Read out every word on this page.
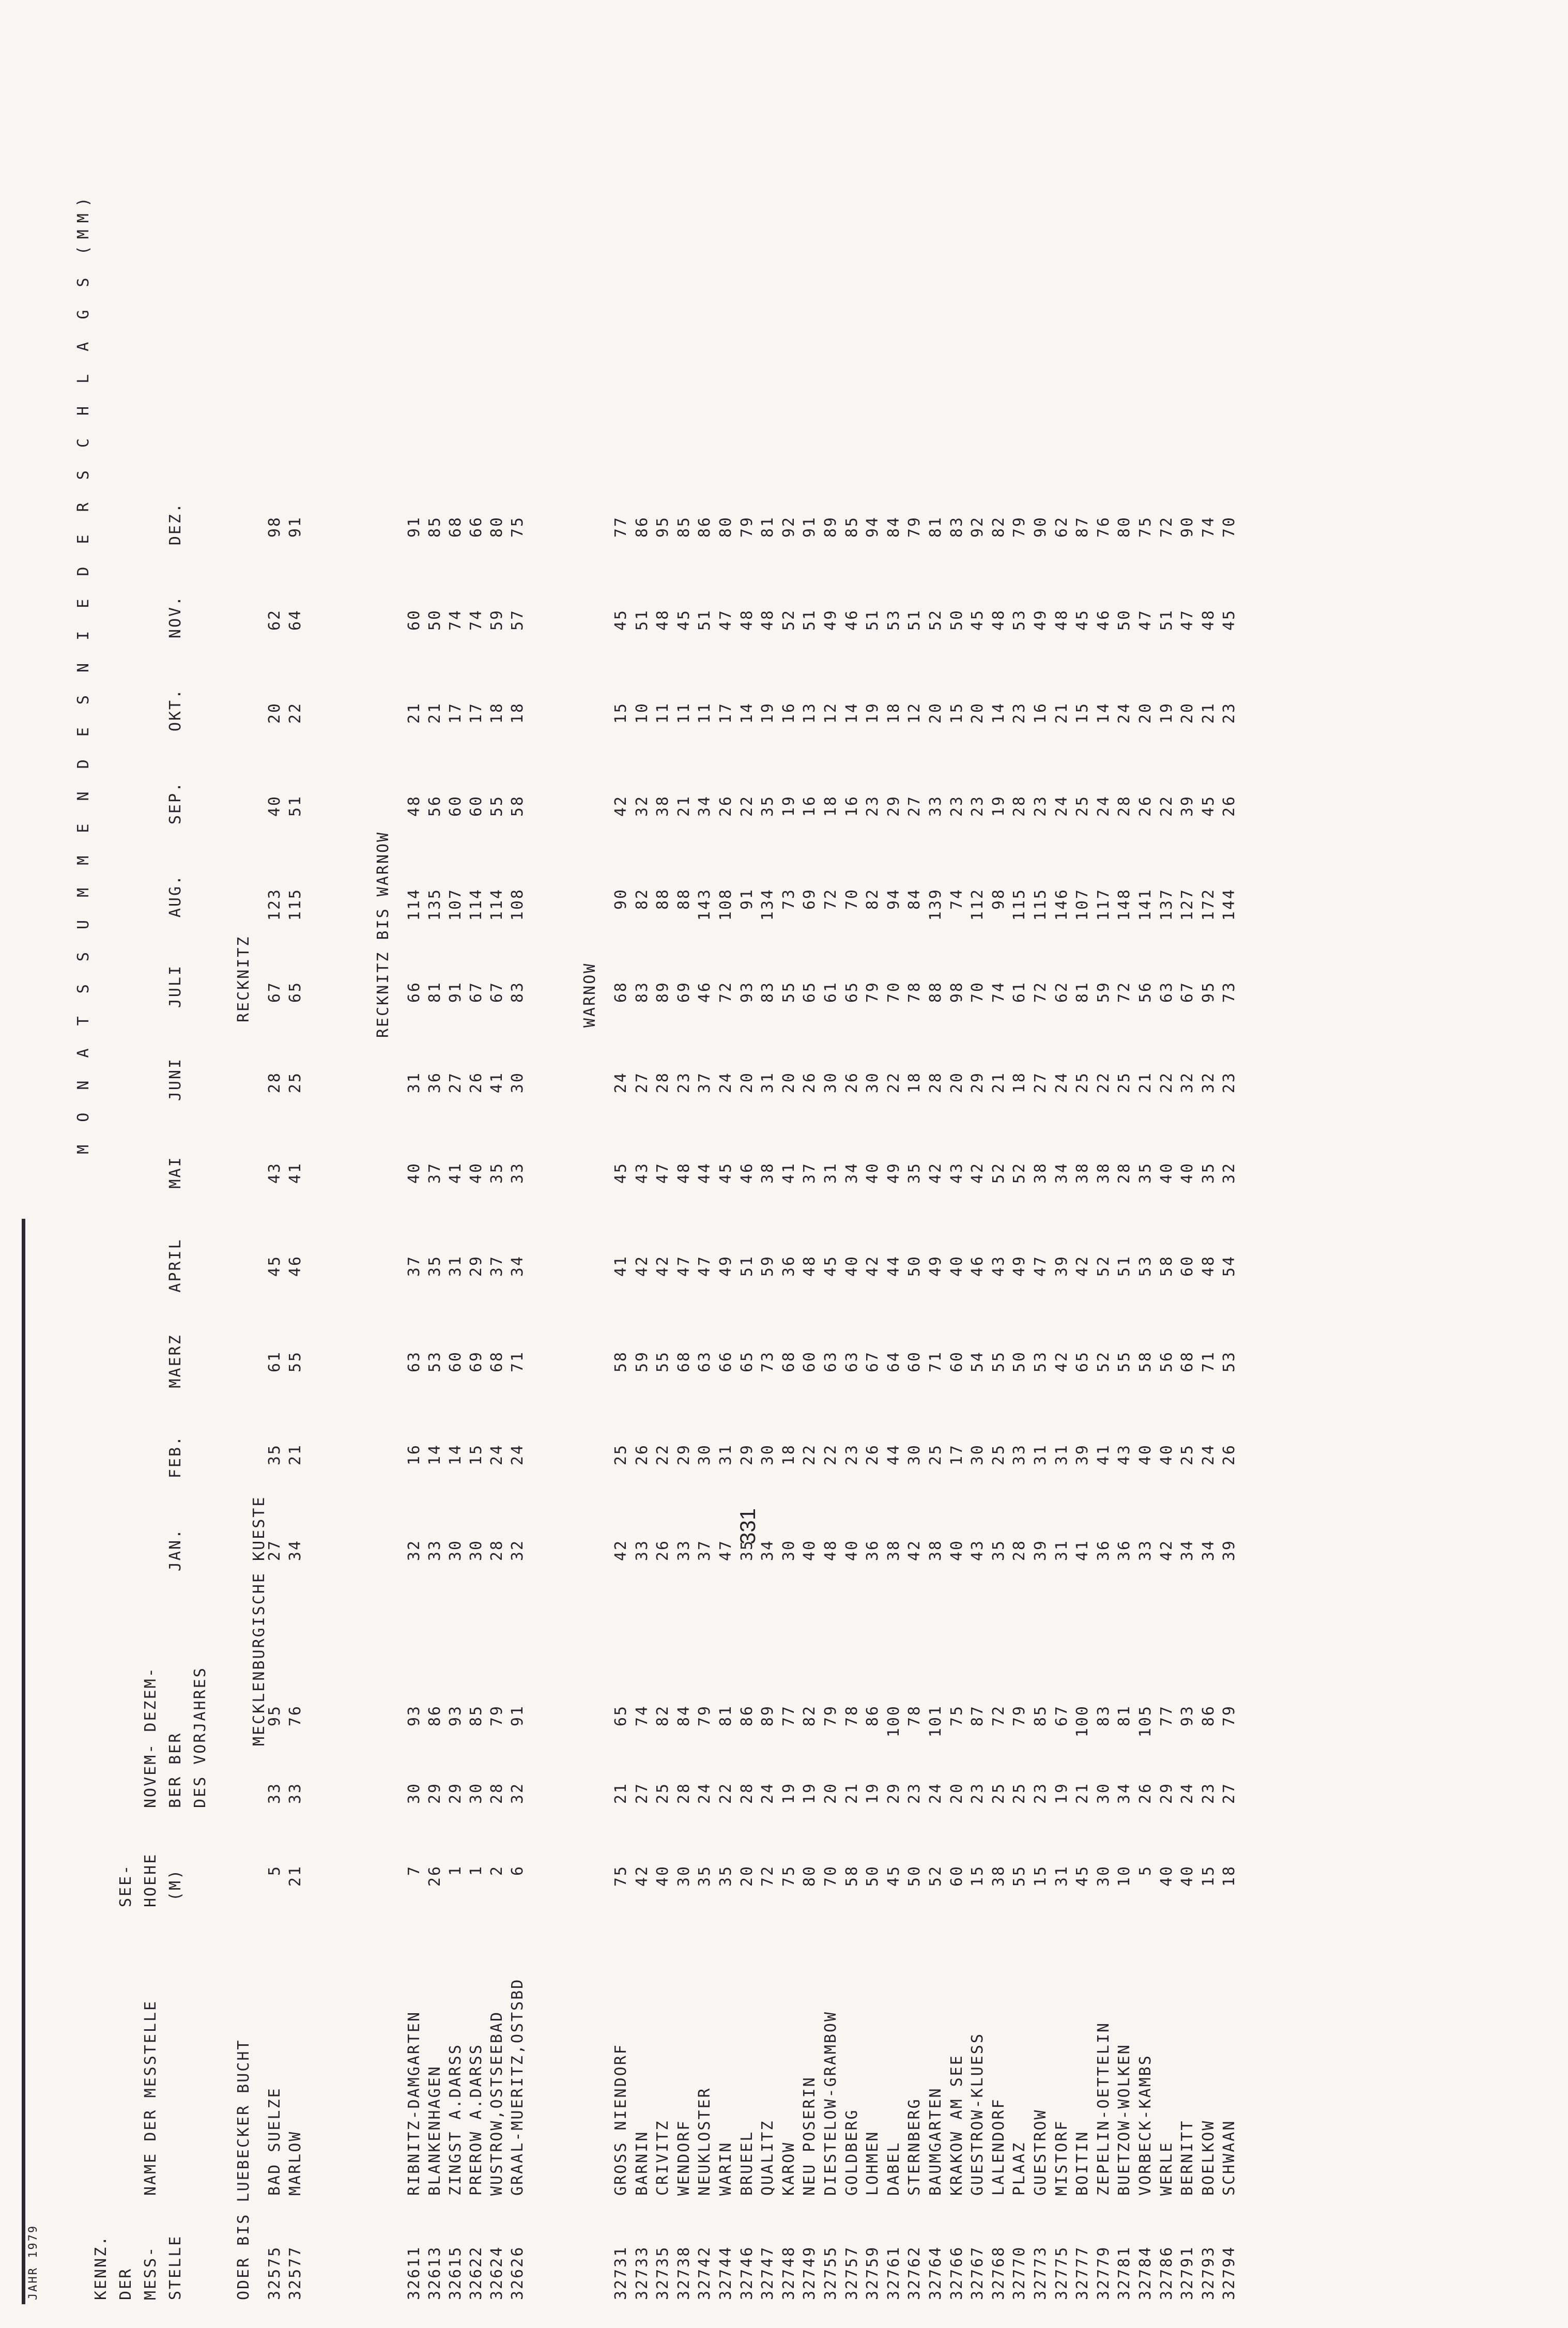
JAHR 1979
M O N A T S S U M M E N D E S N I E D E R S C H L A G S (MM)
KENNZ. DER MESS- STELLE
NAME DER MESSTELLE
SEE- HOEHE (M)
NOVEM- DEZEM- BER BER DES VORJAHRES
JAN.
FEB.
MAERZ
APRIL
MAI
JUNI
JULI
AUG.
SEP.
OKT.
NOV.
DEZ.
ODER BIS LUEBECKER BUCHT
MECKLENBURGISCHE KUESTE
RECKNITZ	RECKNITZ BIS WARNOW	WARNOW
32575
BAD SUELZE
5
33
95
27
35
61
45
43
28
67
123
40
20
62
98
32577
MARLOW
21
33
76
34
21
55
46
41
25
65
115
51
22
64
91
32611
RIBNITZ-DAMGARTEN
7
30
93
32
16
63
37
40
31
66
114
48
21
60
91
32613
BLANKENHAGEN
26
29
86
33
14
53
35
37
36
81
135
56
21
50
85
32615
ZINGST A.DARSS
1
29
93
30
14
60
31
41
27
91
107
60
17
74
68
32622
PREROW A.DARSS
1
30
85
30
15
69
29
40
26
67
114
60
17
74
66
32624
WUSTROW,OSTSEEBAD
2
28
79
28
24
68
37
35
41
67
114
55
18
59
80
32626
GRAAL-MUERITZ,OSTSBD
6
32
91
32
24
71
34
33
30
83
108
58
18
57
75
32731
GROSS NIENDORF
75
21
65
42
25
58
41
45
24
68
90
42
15
45
77
32733
BARNIN
42
27
74
33
26
59
42
43
27
83
82
32
10
51
86
32735
CRIVITZ
40
25
82
26
22
55
42
47
28
89
88
38
11
48
95
32738
WENDORF
30
28
84
33
29
68
47
48
23
69
88
21
11
45
85
32742
NEUKLOSTER
35
24
79
37
30
63
47
44
37
46
143
34
11
51
86
32744
WARIN
35
22
81
47
31
66
49
45
24
72
108
26
17
47
80
32746
BRUEEL
20
28
86
35
29
65
51
46
20
93
91
22
14
48
79
32747
QUALITZ
72
24
89
34
30
73
59
38
31
83
134
35
19
48
81
32748
KAROW
75
19
77
30
18
68
36
41
20
55
73
19
16
52
92
32749
NEU POSERIN
80
19
82
40
22
60
48
37
26
65
69
16
13
51
91
32755
DIESTELOW-GRAMBOW
70
20
79
48
22
63
45
31
30
61
72
18
12
49
89
32757
GOLDBERG
58
21
78
40
23
63
40
34
26
65
70
16
14
46
85
32759
LOHMEN
50
19
86
36
26
67
42
40
30
79
82
23
19
51
94
32761
DABEL
45
29
100
38
44
64
44
49
22
70
94
29
18
53
84
32762
STERNBERG
50
23
78
42
30
60
50
35
18
78
84
27
12
51
79
32764
BAUMGARTEN
52
24
101
38
25
71
49
42
28
88
139
33
20
52
81
32766
KRAKOW AM SEE
60
20
75
40
17
60
40
43
20
98
74
23
15
50
83
32767
GUESTROW-KLUESS
15
23
87
43
30
54
46
42
29
70
112
23
20
45
92
32768
LALENDORF
38
25
72
35
25
55
43
52
21
74
98
19
14
48
82
32770
PLAAZ
55
25
79
28
33
50
49
52
18
61
115
28
23
53
79
32773
GUESTROW
15
23
85
39
31
53
47
38
27
72
115
23
16
49
90
32775
MISTORF
31
19
67
31
31
42
39
34
24
62
146
24
21
48
62
32777
BOITIN
45
21
100
41
39
65
42
38
25
81
107
25
15
45
87
32779
ZEPELIN-OETTELIN
30
30
83
36
41
52
52
38
22
59
117
24
14
46
76
32781
BUETZOW-WOLKEN
10
34
81
36
43
55
51
28
25
72
148
28
24
50
80
32784
VORBECK-KAMBS
5
26
105
33
40
58
53
35
21
56
141
26
20
47
75
32786
WERLE
40
29
77
42
40
56
58
40
22
63
137
22
19
51
72
32791
BERNITT
40
24
93
34
25
68
60
40
32
67
127
39
20
47
90
32793
BOELKOW
15
23
86
34
24
71
48
35
32
95
172
45
21
48
74
32794
SCHWAAN
18
27
79
39
26
53
54
32
23
73
144
26
23
45
70
331
